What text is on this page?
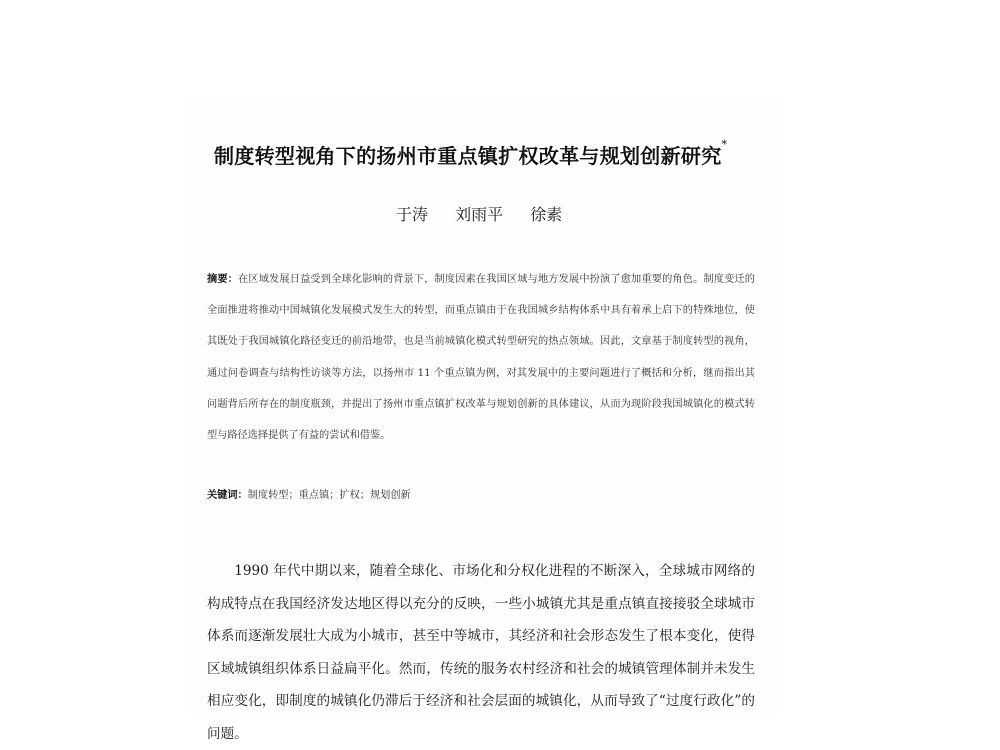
制度转型视角下的扬州市重点镇扩权改革与规划创新研究*
于涛 刘雨平 徐素
摘要：在区域发展日益受到全球化影响的背景下，制度因素在我国区域与地方发展中扮演了愈加重要的角色。制度变迁的全面推进将推动中国城镇化发展模式发生大的转型，而重点镇由于在我国城乡结构体系中具有着承上启下的特殊地位，使其既处于我国城镇化路径变迁的前沿地带，也是当前城镇化模式转型研究的热点领域。因此，文章基于制度转型的视角，通过问卷调查与结构性访谈等方法，以扬州市 11 个重点镇为例，对其发展中的主要问题进行了概括和分析，继而指出其问题背后所存在的制度瓶颈，并提出了扬州市重点镇扩权改革与规划创新的具体建议，从而为现阶段我国城镇化的模式转型与路径选择提供了有益的尝试和借鉴。
关键词：制度转型；重点镇；扩权；规划创新
1990 年代中期以来，随着全球化、市场化和分权化进程的不断深入，全球城市网络的构成特点在我国经济发达地区得以充分的反映，一些小城镇尤其是重点镇直接接驳全球城市体系而逐渐发展壮大成为小城市，甚至中等城市，其经济和社会形态发生了根本变化，使得区域城镇组织体系日益扁平化。然而，传统的服务农村经济和社会的城镇管理体制并未发生相应变化，即制度的城镇化仍滞后于经济和社会层面的城镇化，从而导致了“过度行政化”的问题。
